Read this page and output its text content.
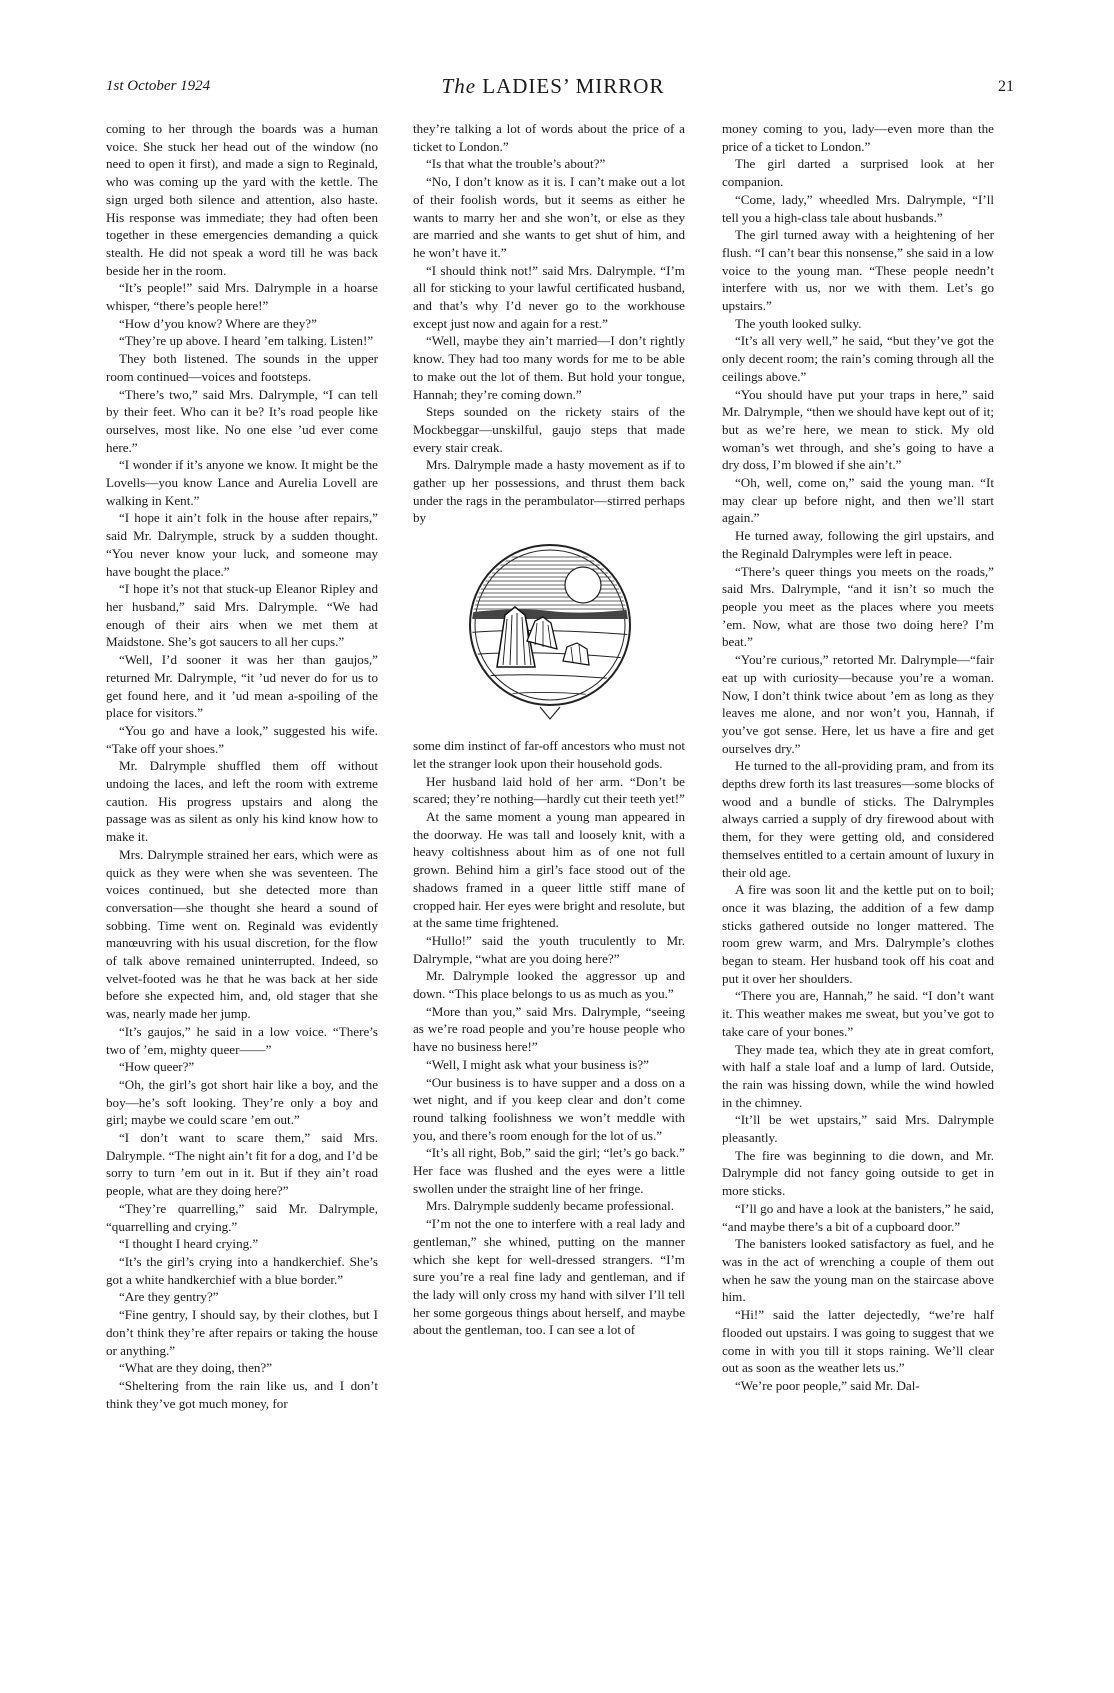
1st October 1924	The LADIES’ MIRROR	21

coming to her through the boards was a human voice. She stuck her head out of the window (no need to open it first), and made a sign to Reginald, who was coming up the yard with the kettle. The sign urged both silence and attention, also haste. His response was immediate; they had often been together in these emergencies demanding a quick stealth. He did not speak a word till he was back beside her in the room.

“It’s people!” said Mrs. Dalrymple in a hoarse whisper, “there’s people here!”

“How d’you know? Where are they?”

“They’re up above. I heard ’em talking. Listen!”

They both listened. The sounds in the upper room continued—voices and footsteps.

“There’s two,” said Mrs. Dalrymple, “I can tell by their feet. Who can it be? It’s road people like ourselves, most like. No one else ’ud ever come here.”

“I wonder if it’s anyone we know. It might be the Lovells—you know Lance and Aurelia Lovell are walking in Kent.”

“I hope it ain’t folk in the house after repairs,” said Mr. Dalrymple, struck by a sudden thought. “You never know your luck, and someone may have bought the place.”

“I hope it’s not that stuck-up Eleanor Ripley and her husband,” said Mrs. Dalrymple. “We had enough of their airs when we met them at Maidstone. She’s got saucers to all her cups.”

“Well, I’d sooner it was her than gaujos,” returned Mr. Dalrymple, “it ’ud never do for us to get found here, and it ’ud mean a-spoiling of the place for visitors.”

“You go and have a look,” suggested his wife. “Take off your shoes.”

Mr. Dalrymple shuffled them off without undoing the laces, and left the room with extreme caution. His progress upstairs and along the passage was as silent as only his kind know how to make it.

Mrs. Dalrymple strained her ears, which were as quick as they were when she was seventeen. The voices continued, but she detected more than conversation—she thought she heard a sound of sobbing. Time went on. Reginald was evidently manœuvring with his usual discretion, for the flow of talk above remained uninterrupted. Indeed, so velvet-footed was he that he was back at her side before she expected him, and, old stager that she was, nearly made her jump.

“It’s gaujos,” he said in a low voice. “There’s two of ’em, mighty queer——”

“How queer?”

“Oh, the girl’s got short hair like a boy, and the boy—he’s soft looking. They’re only a boy and girl; maybe we could scare ’em out.”

“I don’t want to scare them,” said Mrs. Dalrymple. “The night ain’t fit for a dog, and I’d be sorry to turn ’em out in it. But if they ain’t road people, what are they doing here?”

“They’re quarrelling,” said Mr. Dalrymple, “quarrelling and crying.”

“I thought I heard crying.”

“It’s the girl’s crying into a handkerchief. She’s got a white handkerchief with a blue border.”

“Are they gentry?”

“Fine gentry, I should say, by their clothes, but I don’t think they’re after repairs or taking the house or anything.”

“What are they doing, then?”

“Sheltering from the rain like us, and I don’t think they’ve got much money, for

they’re talking a lot of words about the price of a ticket to London.”

“Is that what the trouble’s about?”

“No, I don’t know as it is. I can’t make out a lot of their foolish words, but it seems as either he wants to marry her and she won’t, or else as they are married and she wants to get shut of him, and he won’t have it.”

“I should think not!” said Mrs. Dalrymple. “I’m all for sticking to your lawful certificated husband, and that’s why I’d never go to the workhouse except just now and again for a rest.”

“Well, maybe they ain’t married—I don’t rightly know. They had too many words for me to be able to make out the lot of them. But hold your tongue, Hannah; they’re coming down.”

Steps sounded on the rickety stairs of the Mockbeggar—unskilful, gaujo steps that made every stair creak.

Mrs. Dalrymple made a hasty movement as if to gather up her possessions, and thrust them back under the rags in the perambulator—stirred perhaps by

some dim instinct of far-off ancestors who must not let the stranger look upon their household gods.

Her husband laid hold of her arm. “Don’t be scared; they’re nothing—hardly cut their teeth yet!”

At the same moment a young man appeared in the doorway. He was tall and loosely knit, with a heavy coltishness about him as of one not full grown. Behind him a girl’s face stood out of the shadows framed in a queer little stiff mane of cropped hair. Her eyes were bright and resolute, but at the same time frightened.

“Hullo!” said the youth truculently to Mr. Dalrymple, “what are you doing here?”

Mr. Dalrymple looked the aggressor up and down. “This place belongs to us as much as you.”

“More than you,” said Mrs. Dalrymple, “seeing as we’re road people and you’re house people who have no business here!”

“Well, I might ask what your business is?”

“Our business is to have supper and a doss on a wet night, and if you keep clear and don’t come round talking foolishness we won’t meddle with you, and there’s room enough for the lot of us.”

“It’s all right, Bob,” said the girl; “let’s go back.” Her face was flushed and the eyes were a little swollen under the straight line of her fringe.

Mrs. Dalrymple suddenly became professional.

“I’m not the one to interfere with a real lady and gentleman,” she whined, putting on the manner which she kept for well-dressed strangers. “I’m sure you’re a real fine lady and gentleman, and if the lady will only cross my hand with silver I’ll tell her some gorgeous things about herself, and maybe about the gentleman, too. I can see a lot of

money coming to you, lady—even more than the price of a ticket to London.”

The girl darted a surprised look at her companion.

“Come, lady,” wheedled Mrs. Dalrymple, “I’ll tell you a high-class tale about husbands.”

The girl turned away with a heightening of her flush. “I can’t bear this nonsense,” she said in a low voice to the young man. “These people needn’t interfere with us, nor we with them. Let’s go upstairs.”

The youth looked sulky.

“It’s all very well,” he said, “but they’ve got the only decent room; the rain’s coming through all the ceilings above.”

“You should have put your traps in here,” said Mr. Dalrymple, “then we should have kept out of it; but as we’re here, we mean to stick. My old woman’s wet through, and she’s going to have a dry doss, I’m blowed if she ain’t.”

“Oh, well, come on,” said the young man. “It may clear up before night, and then we’ll start again.”

He turned away, following the girl upstairs, and the Reginald Dalrymples were left in peace.

“There’s queer things you meets on the roads,” said Mrs. Dalrymple, “and it isn’t so much the people you meet as the places where you meets ’em. Now, what are those two doing here? I’m beat.”

“You’re curious,” retorted Mr. Dalrymple—“fair eat up with curiosity—because you’re a woman. Now, I don’t think twice about ’em as long as they leaves me alone, and nor won’t you, Hannah, if you’ve got sense. Here, let us have a fire and get ourselves dry.”

He turned to the all-providing pram, and from its depths drew forth its last treasures—some blocks of wood and a bundle of sticks. The Dalrymples always carried a supply of dry firewood about with them, for they were getting old, and considered themselves entitled to a certain amount of luxury in their old age.

A fire was soon lit and the kettle put on to boil; once it was blazing, the addition of a few damp sticks gathered outside no longer mattered. The room grew warm, and Mrs. Dalrymple’s clothes began to steam. Her husband took off his coat and put it over her shoulders.

“There you are, Hannah,” he said. “I don’t want it. This weather makes me sweat, but you’ve got to take care of your bones.”

They made tea, which they ate in great comfort, with half a stale loaf and a lump of lard. Outside, the rain was hissing down, while the wind howled in the chimney.

“It’ll be wet upstairs,” said Mrs. Dalrymple pleasantly.

The fire was beginning to die down, and Mr. Dalrymple did not fancy going outside to get in more sticks.

“I’ll go and have a look at the banisters,” he said, “and maybe there’s a bit of a cupboard door.”

The banisters looked satisfactory as fuel, and he was in the act of wrenching a couple of them out when he saw the young man on the staircase above him.

“Hi!” said the latter dejectedly, “we’re half flooded out upstairs. I was going to suggest that we come in with you till it stops raining. We’ll clear out as soon as the weather lets us.”

“We’re poor people,” said Mr. Dal-
